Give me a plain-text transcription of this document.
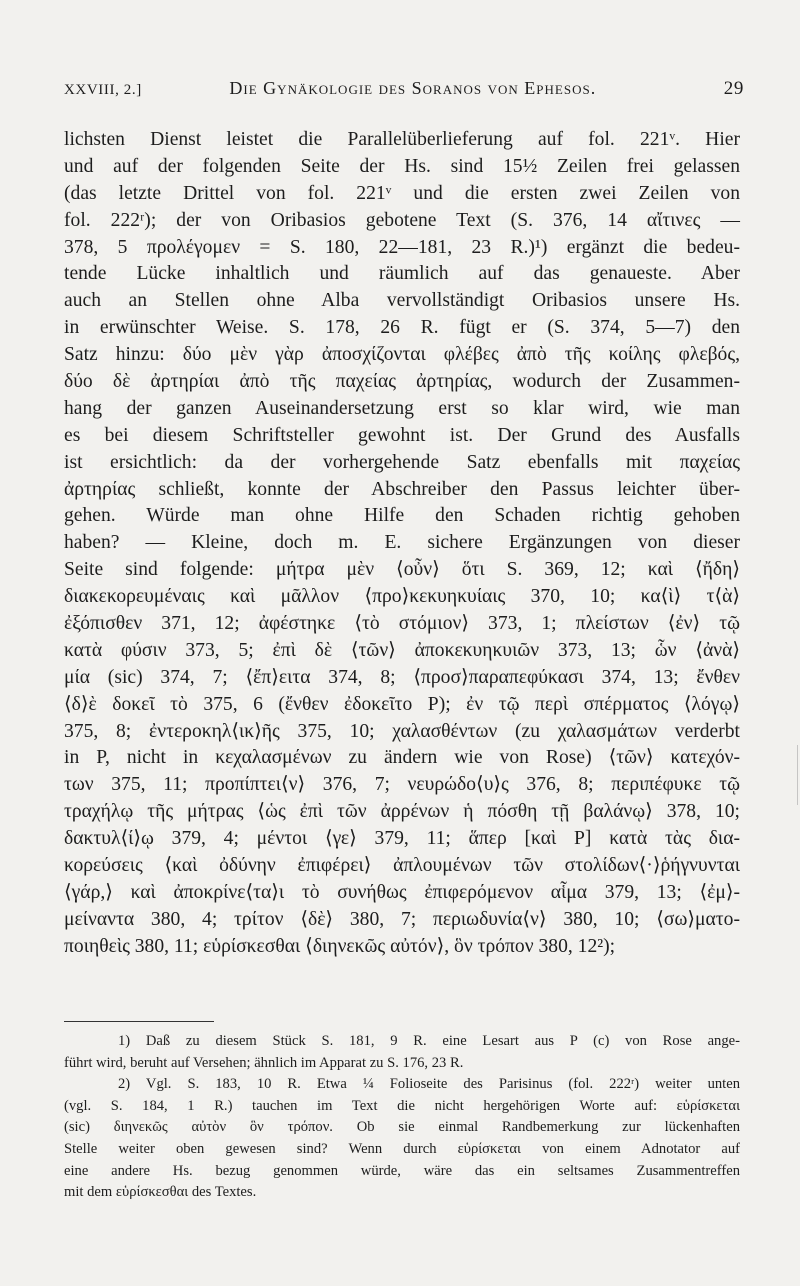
XXVIII, 2.]	Die Gynäkologie des Soranos von Ephesos.	29
lichsten Dienst leistet die Parallelüberlieferung auf fol. 221ᵛ. Hier
und auf der folgenden Seite der Hs. sind 15½ Zeilen frei gelassen
(das letzte Drittel von fol. 221ᵛ und die ersten zwei Zeilen von
fol. 222ʳ); der von Oribasios gebotene Text (S. 376, 14 αἴτινες —
378, 5 προλέγομεν = S. 180, 22—181, 23 R.)¹) ergänzt die bedeu-
tende Lücke inhaltlich und räumlich auf das genaueste. Aber
auch an Stellen ohne Alba vervollständigt Oribasios unsere Hs.
in erwünschter Weise. S. 178, 26 R. fügt er (S. 374, 5—7) den
Satz hinzu: δύο μὲν γὰρ ἀποσχίζονται φλέβες ἀπὸ τῆς κοίλης φλεβός,
δύο δὲ ἀρτηρίαι ἀπὸ τῆς παχείας ἀρτηρίας, wodurch der Zusammen-
hang der ganzen Auseinandersetzung erst so klar wird, wie man
es bei diesem Schriftsteller gewohnt ist. Der Grund des Ausfalls
ist ersichtlich: da der vorhergehende Satz ebenfalls mit παχείας
ἀρτηρίας schließt, konnte der Abschreiber den Passus leichter über-
gehen. Würde man ohne Hilfe den Schaden richtig gehoben
haben? — Kleine, doch m. E. sichere Ergänzungen von dieser
Seite sind folgende: μήτρα μὲν ⟨οὖν⟩ ὅτι S. 369, 12; καὶ ⟨ἤδη⟩
διακεκορευμέναις καὶ μᾶλλον ⟨προ⟩κεκυηκυίαις 370, 10; κα⟨ὶ⟩ τ⟨ὰ⟩
ἐξόπισθεν 371, 12; ἀφέστηκε ⟨τὸ στόμιον⟩ 373, 1; πλείστων ⟨ἐν⟩ τῷ
κατὰ φύσιν 373, 5; ἐπὶ δὲ ⟨τῶν⟩ ἀποκεκυηκυιῶν 373, 13; ὧν ⟨ἀνὰ⟩
μία (sic) 374, 7; ⟨ἔπ⟩ειτα 374, 8; ⟨προσ⟩παραπεφύκασι 374, 13; ἔνθεν
⟨δ⟩ὲ δοκεῖ τὸ 375, 6 (ἔνθεν ἐδοκεῖτο P); ἐν τῷ περὶ σπέρματος ⟨λόγῳ⟩
375, 8; ἐντεροκηλ⟨ικ⟩ῆς 375, 10; χαλασθέντων (zu χαλασμάτων verderbt
in P, nicht in κεχαλασμένων zu ändern wie von Rose) ⟨τῶν⟩ κατεχόν-
των 375, 11; προπίπτει⟨ν⟩ 376, 7; νευρώδο⟨υ⟩ς 376, 8; περιπέφυκε τῷ
τραχήλῳ τῆς μήτρας ⟨ὡς ἐπὶ τῶν ἀρρένων ἡ πόσθη τῇ βαλάνῳ⟩ 378, 10;
δακτυλ⟨ί⟩ῳ 379, 4; μέντοι ⟨γε⟩ 379, 11; ἅπερ [καὶ P] κατὰ τὰς δια-
κορεύσεις ⟨καὶ ὀδύνην ἐπιφέρει⟩ ἀπλουμένων τῶν στολίδων⟨·⟩ῥήγνυνται
⟨γάρ,⟩ καὶ ἀποκρίνε⟨τα⟩ι τὸ συνήθως ἐπιφερόμενον αἷμα 379, 13; ⟨ἐμ⟩-
μείναντα 380, 4; τρίτον ⟨δὲ⟩ 380, 7; περιωδυνία⟨ν⟩ 380, 10; ⟨σω⟩ματο-
ποιηθεὶς 380, 11; εὑρίσκεσθαι ⟨διηνεκῶς αὐτόν⟩, ὃν τρόπον 380, 12²);
1) Daß zu diesem Stück S. 181, 9 R. eine Lesart aus P (c) von Rose ange-
führt wird, beruht auf Versehen; ähnlich im Apparat zu S. 176, 23 R.
2) Vgl. S. 183, 10 R. Etwa ¼ Folioseite des Parisinus (fol. 222ʳ) weiter unten
(vgl. S. 184, 1 R.) tauchen im Text die nicht hergehörigen Worte auf: εὑρίσκεται
(sic) διηνεκῶς αὐτὸν ὃν τρόπον. Ob sie einmal Randbemerkung zur lückenhaften
Stelle weiter oben gewesen sind? Wenn durch εὑρίσκεται von einem Adnotator auf
eine andere Hs. bezug genommen würde, wäre das ein seltsames Zusammentreffen
mit dem εὑρίσκεσθαι des Textes.
